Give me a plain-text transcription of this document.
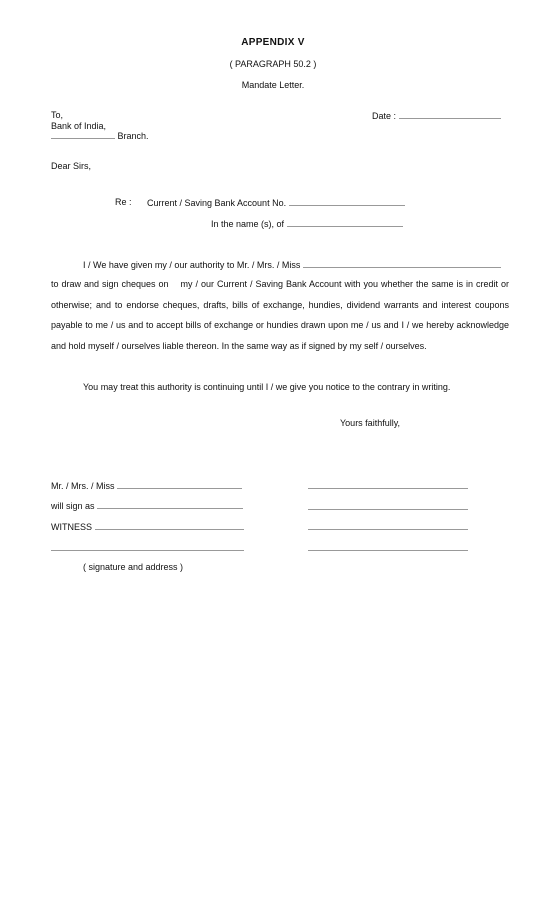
APPENDIX V
( PARAGRAPH 50.2 )
Mandate Letter.
To,
Bank of India,
Branch.
Date :
Dear Sirs,
Re : Current / Saving Bank Account No.
In the name (s), of
I / We have given my / our authority to Mr. / Mrs. / Miss
to draw and sign cheques on my / our Current / Saving Bank Account with you whether the same is in credit or
otherwise; and to endorse cheques, drafts, bills of exchange, hundies, dividend warrants and interest coupons
payable to me / us and to accept bills of exchange or hundies drawn upon me / us and I / we hereby acknowledge
and hold myself / ourselves liable thereon. In the same way as if signed by my self / ourselves.
You may treat this authority is continuing until I / we give you notice to the contrary in writing.
Yours faithfully,
Mr. / Mrs. / Miss
will sign as
WITNESS
( signature and address )
